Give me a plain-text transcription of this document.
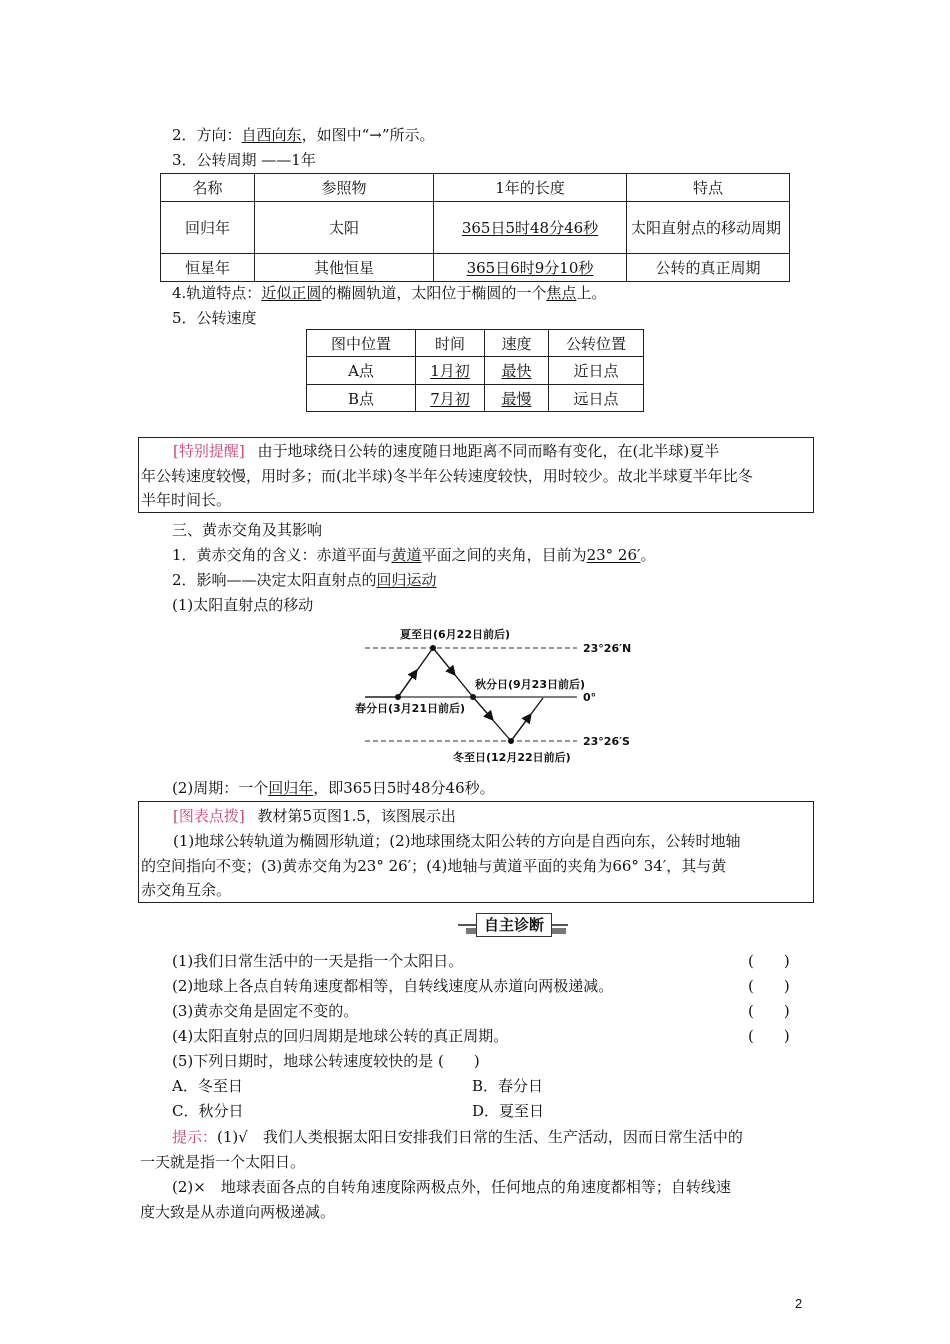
2．方向：自西向东，如图中“→”所示。
3．公转周期 ——1年
名称	参照物	1年的长度	特点
回归年	太阳	365日5时48分46秒	太阳直射点的移动周期
恒星年	其他恒星	365日6时9分10秒	公转的真正周期
4.轨道特点：近似正圆的椭圆轨道，太阳位于椭圆的一个焦点上。
5．公转速度
图中位置	时间	速度	公转位置
A点	1月初	最快	近日点
B点	7月初	最慢	远日点
[特别提醒] 由于地球绕日公转的速度随日地距离不同而略有变化，在(北半球)夏半
年公转速度较慢，用时多；而(北半球)冬半年公转速度较快，用时较少。故北半球夏半年比冬
半年时间长。
三、黄赤交角及其影响
1．黄赤交角的含义：赤道平面与黄道平面之间的夹角，目前为23° 26′。
2．影响——决定太阳直射点的回归运动
(1)太阳直射点的移动
夏至日(6月22日前后)
秋分日(9月23日前后)
春分日(3月21日前后)
冬至日(12月22日前后)
23°26′N
0°
23°26′S
(2)周期：一个回归年，即365日5时48分46秒。
[图表点拨] 教材第5页图1.5，该图展示出
(1)地球公转轨道为椭圆形轨道；(2)地球围绕太阳公转的方向是自西向东，公转时地轴
的空间指向不变；(3)黄赤交角为23° 26′；(4)地轴与黄道平面的夹角为66° 34′，其与黄
赤交角互余。
自主诊断
(1)我们日常生活中的一天是指一个太阳日。	(　　)
(2)地球上各点自转角速度都相等，自转线速度从赤道向两极递减。	(　　)
(3)黄赤交角是固定不变的。	(　　)
(4)太阳直射点的回归周期是地球公转的真正周期。	(　　)
(5)下列日期时，地球公转速度较快的是 (　　)
A．冬至日	B．春分日
C．秋分日	D．夏至日
提示：(1)√　我们人类根据太阳日安排我们日常的生活、生产活动，因而日常生活中的
一天就是指一个太阳日。
(2)×　地球表面各点的自转角速度除两极点外，任何地点的角速度都相等；自转线速
度大致是从赤道向两极递减。
2
